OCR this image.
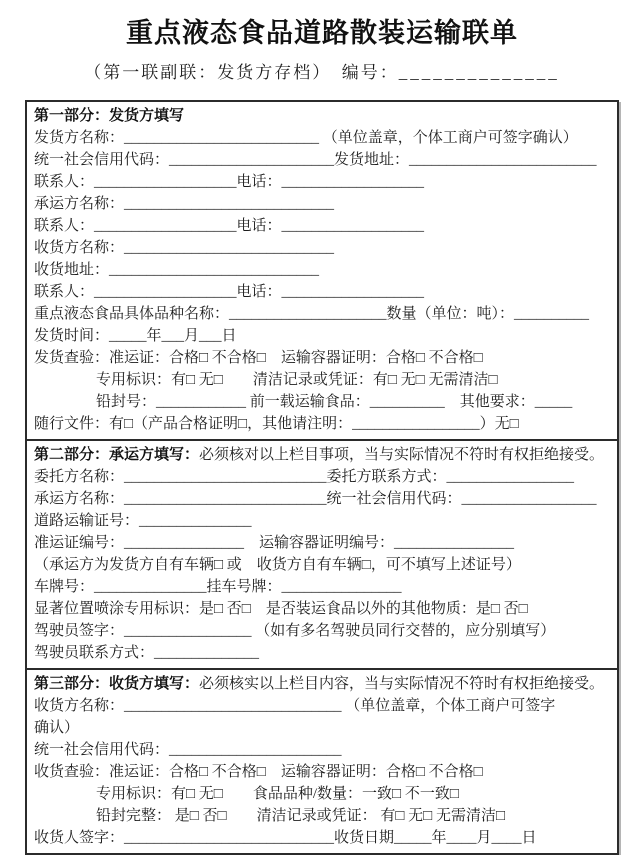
重点液态食品道路散装运输联单
（第一联副联：发货方存档）　编号：______________
第一部分：发货方填写
发货方名称：__________________________ （单位盖章，个体工商户可签字确认）
统一社会信用代码：______________________发货地址：_________________________
联系人：___________________电话：___________________
承运方名称：____________________________
联系人：___________________电话：___________________
收货方名称：____________________________
收货地址：____________________________
联系人：___________________电话：___________________
重点液态食品具体品种名称：_____________________数量（单位：吨）：__________
发货时间：_____年___月___日
发货查验：准运证：合格□ 不合格□　运输容器证明：合格□ 不合格□
专用标识：有□ 无□　　清洁记录或凭证：有□ 无□ 无需清洁□
铅封号：____________ 前一载运输食品：__________　其他要求：_____
随行文件：有□（产品合格证明□，其他请注明：_________________）无□
第二部分：承运方填写：必须核对以上栏目事项，当与实际情况不符时有权拒绝接受。
委托方名称：___________________________委托方联系方式：_________________
承运方名称：___________________________统一社会信用代码：__________________
道路运输证号：_______________
准运证编号：________________　运输容器证明编号：________________
（承运方为发货方自有车辆□ 或　收货方自有车辆□，可不填写上述证号）
车牌号：_______________挂车号牌：________________
显著位置喷涂专用标识：是□ 否□　是否装运食品以外的其他物质：是□ 否□
驾驶员签字：_________________ （如有多名驾驶员同行交替的，应分别填写）
驾驶员联系方式：______________
第三部分：收货方填写：必须核实以上栏目内容，当与实际情况不符时有权拒绝接受。
收货方名称：_____________________________ （单位盖章，个体工商户可签字
确认）
统一社会信用代码：_______________________
收货查验：准运证：合格□ 不合格□　运输容器证明：合格□ 不合格□
专用标识：有□ 无□　　食品品种/数量：一致□ 不一致□
铅封完整： 是□ 否□　　清洁记录或凭证： 有□ 无□ 无需清洁□
收货人签字：____________________________收货日期_____年____月____日
